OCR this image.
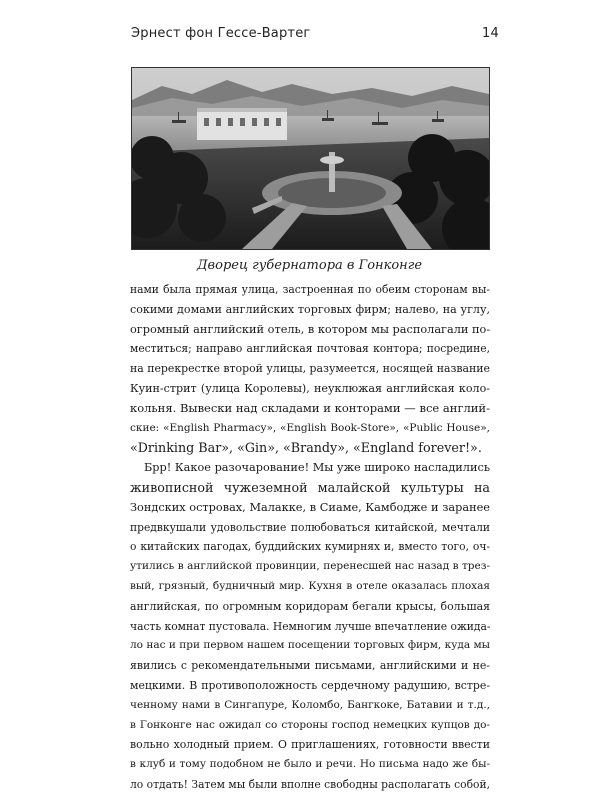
Эрнест фон Гессе-Вартег	14
Дворец губернатора в Гонконге
нами была прямая улица, застроенная по обеим сторонам вы-
сокими домами английских торговых фирм; налево, на углу,
огромный английский отель, в котором мы располагали по-
меститься; направо английская почтовая контора; посредине,
на перекрестке второй улицы, разумеется, носящей название
Куин-стрит (улица Королевы), неуклюжая английская коло-
кольня. Вывески над складами и конторами — все англий-
ские: «English Pharmacy», «English Book-Store», «Public House»,
«Drinking Bar», «Gin», «Brandy», «England forever!».
Брр! Какое разочарование! Мы уже широко насладились
живописной чужеземной малайской культуры на
Зондских островах, Малакке, в Сиаме, Камбодже и заранее
предвкушали удовольствие полюбоваться китайской, мечтали
о китайских пагодах, буддийских кумирнях и, вместо того, оч-
утились в английской провинции, перенесшей нас назад в трез-
вый, грязный, будничный мир. Кухня в отеле оказалась плохая
английская, по огромным коридорам бегали крысы, большая
часть комнат пустовала. Немногим лучше впечатление ожида-
ло нас и при первом нашем посещении торговых фирм, куда мы
явились с рекомендательными письмами, английскими и не-
мецкими. В противоположность сердечному радушию, встре-
ченному нами в Сингапуре, Коломбо, Бангкоке, Батавии и т.д.,
в Гонконге нас ожидал со стороны господ немецких купцов до-
вольно холодный прием. О приглашениях, готовности ввести
в клуб и тому подобном не было и речи. Но письма надо же бы-
ло отдать! Затем мы были вполне свободны располагать собой,
